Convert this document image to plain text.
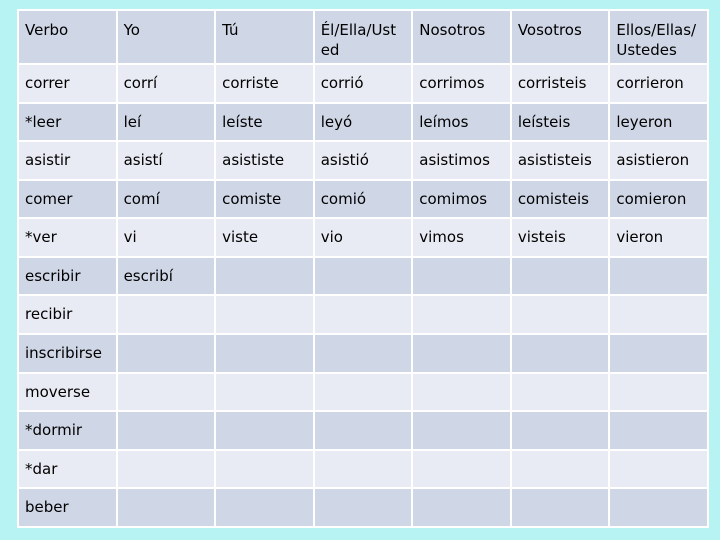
Verbo	Yo	Tú	Él/Ella/Usted	Nosotros	Vosotros	Ellos/Ellas/Ustedes
correr	corrí	corriste	corrió	corrimos	corristeis	corrieron
*leer	leí	leíste	leyó	leímos	leísteis	leyeron
asistir	asistí	asististe	asistió	asistimos	asististeis	asistieron
comer	comí	comiste	comió	comimos	comisteis	comieron
*ver	vi	viste	vio	vimos	visteis	vieron
escribir	escribí					
recibir						
inscribirse						
moverse						
*dormir						
*dar						
beber						
